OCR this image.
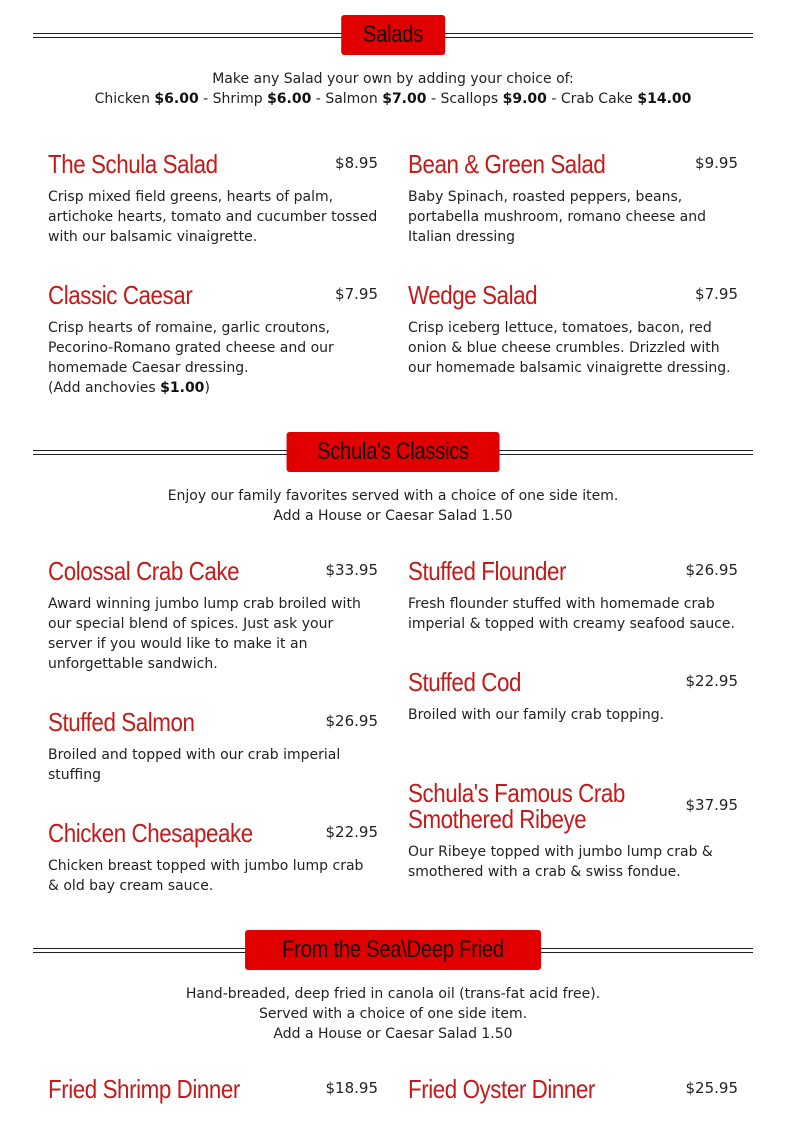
Salads
Make any Salad your own by adding your choice of:
Chicken $6.00 - Shrimp $6.00 - Salmon $7.00 - Scallops $9.00 - Crab Cake $14.00
The Schula Salad	$8.95
Crisp mixed field greens, hearts of palm, artichoke hearts, tomato and cucumber tossed with our balsamic vinaigrette.
Bean & Green Salad	$9.95
Baby Spinach, roasted peppers, beans, portabella mushroom, romano cheese and Italian dressing
Classic Caesar	$7.95
Crisp hearts of romaine, garlic croutons, Pecorino-Romano grated cheese and our homemade Caesar dressing.
(Add anchovies $1.00)
Wedge Salad	$7.95
Crisp iceberg lettuce, tomatoes, bacon, red onion & blue cheese crumbles. Drizzled with our homemade balsamic vinaigrette dressing.
Schula's Classics
Enjoy our family favorites served with a choice of one side item.
Add a House or Caesar Salad 1.50
Colossal Crab Cake	$33.95
Award winning jumbo lump crab broiled with our special blend of spices. Just ask your server if you would like to make it an unforgettable sandwich.
Stuffed Flounder	$26.95
Fresh flounder stuffed with homemade crab imperial & topped with creamy seafood sauce.
Stuffed Cod	$22.95
Broiled with our family crab topping.
Stuffed Salmon	$26.95
Broiled and topped with our crab imperial stuffing
Schula's Famous Crab Smothered Ribeye	$37.95
Our Ribeye topped with jumbo lump crab & smothered with a crab & swiss fondue.
Chicken Chesapeake	$22.95
Chicken breast topped with jumbo lump crab & old bay cream sauce.
From the Sea\Deep Fried
Hand-breaded, deep fried in canola oil (trans-fat acid free).
Served with a choice of one side item.
Add a House or Caesar Salad 1.50
Fried Shrimp Dinner	$18.95 Fried Oyster Dinner	$25.95
